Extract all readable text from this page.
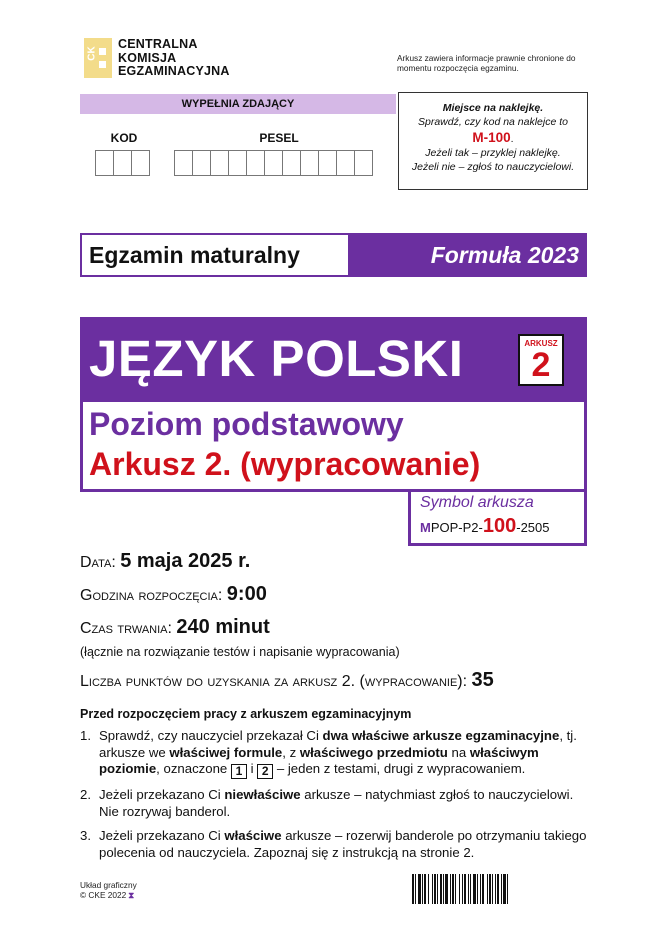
CK
CENTRALNA
KOMISJA
EGZAMINACYJNA
Arkusz zawiera informacje prawnie chronione do momentu rozpoczęcia egzaminu.
WYPEŁNIA ZDAJĄCY
KOD	PESEL
Miejsce na naklejkę.
Sprawdź, czy kod na naklejce to
M-100.
Jeżeli tak – przyklej naklejkę.
Jeżeli nie – zgłoś to nauczycielowi.
Egzamin maturalny	Formuła 2023
JĘZYK POLSKI	ARKUSZ
2
Poziom podstawowy
Arkusz 2. (wypracowanie)
Symbol arkusza
MPOP-P2-100-2505
Data: 5 maja 2025 r.
Godzina rozpoczęcia: 9:00
Czas trwania: 240 minut
(łącznie na rozwiązanie testów i napisanie wypracowania)
Liczba punktów do uzyskania za arkusz 2. (wypracowanie): 35
Przed rozpoczęciem pracy z arkuszem egzaminacyjnym
1. Sprawdź, czy nauczyciel przekazał Ci dwa właściwe arkusze egzaminacyjne, tj. arkusze we właściwej formule, z właściwego przedmiotu na właściwym poziomie, oznaczone 1 i 2 – jeden z testami, drugi z wypracowaniem.
2. Jeżeli przekazano Ci niewłaściwe arkusze – natychmiast zgłoś to nauczycielowi. Nie rozrywaj banderol.
3. Jeżeli przekazano Ci właściwe arkusze – rozerwij banderole po otrzymaniu takiego polecenia od nauczyciela. Zapoznaj się z instrukcją na stronie 2.
Układ graficzny
© CKE 2022 ⧗
